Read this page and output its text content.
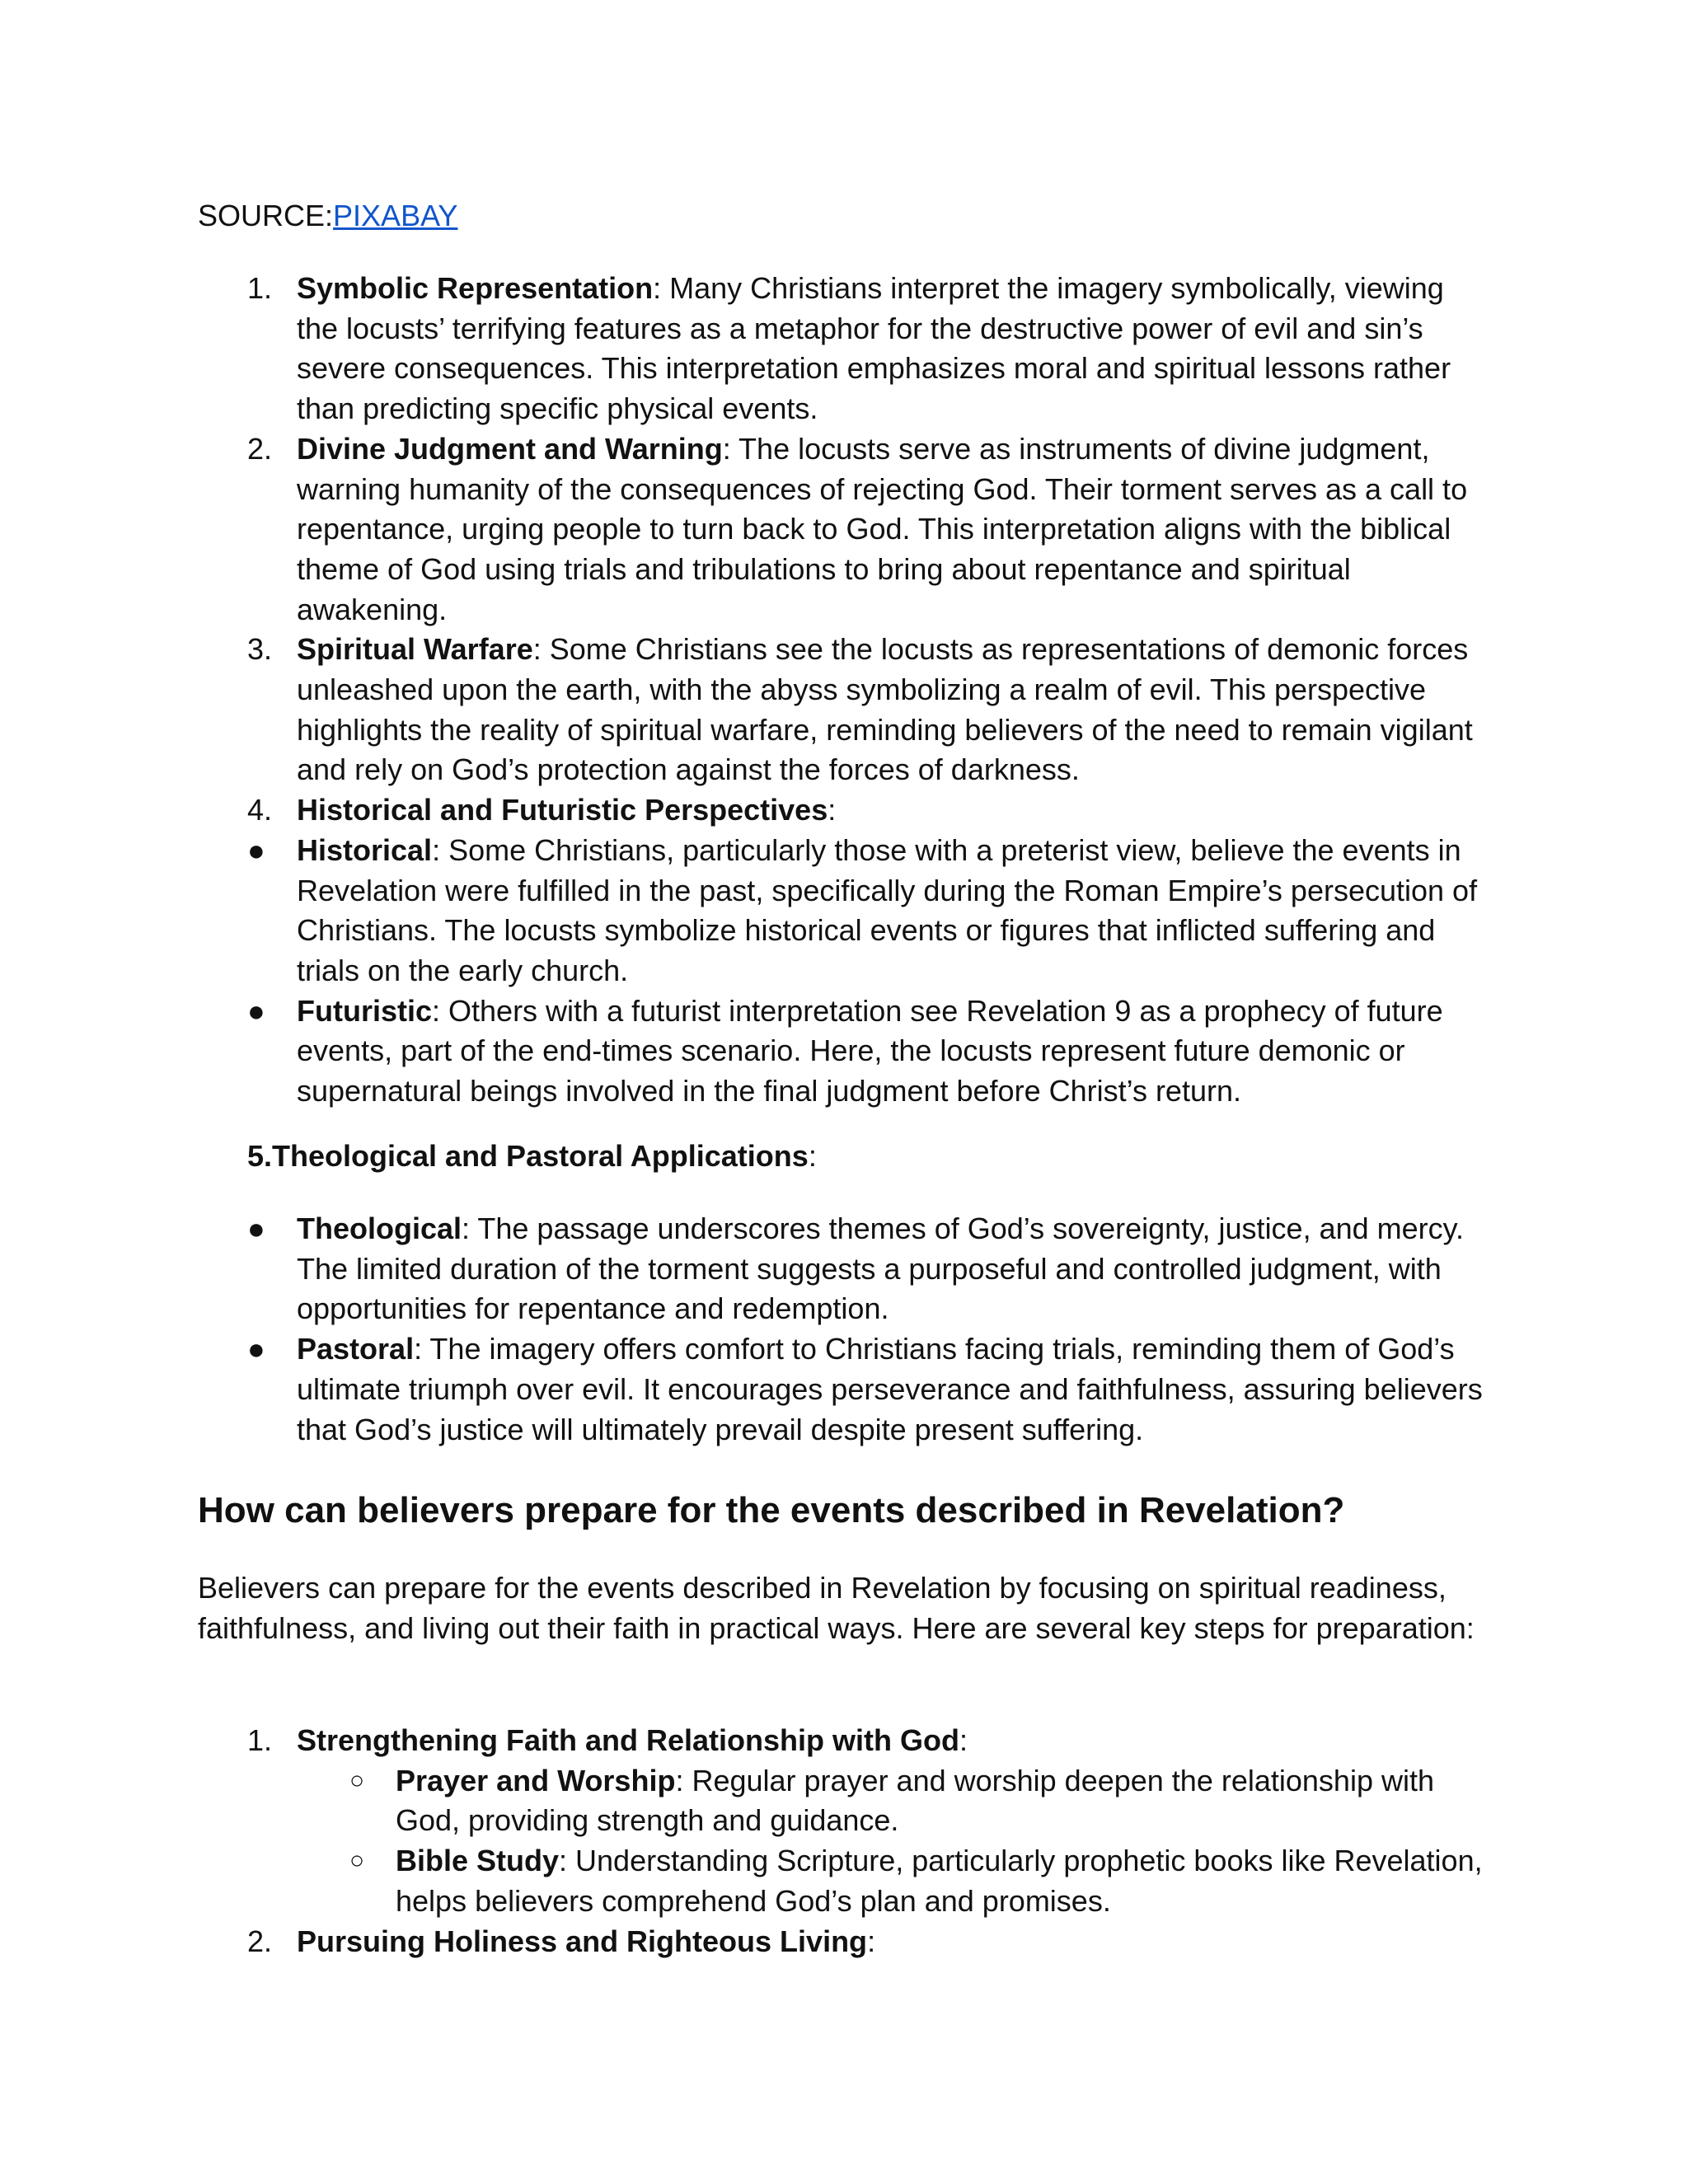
SOURCE:PIXABAY
1. Symbolic Representation: Many Christians interpret the imagery symbolically, viewing the locusts’ terrifying features as a metaphor for the destructive power of evil and sin’s severe consequences. This interpretation emphasizes moral and spiritual lessons rather than predicting specific physical events.
2. Divine Judgment and Warning: The locusts serve as instruments of divine judgment, warning humanity of the consequences of rejecting God. Their torment serves as a call to repentance, urging people to turn back to God. This interpretation aligns with the biblical theme of God using trials and tribulations to bring about repentance and spiritual awakening.
3. Spiritual Warfare: Some Christians see the locusts as representations of demonic forces unleashed upon the earth, with the abyss symbolizing a realm of evil. This perspective highlights the reality of spiritual warfare, reminding believers of the need to remain vigilant and rely on God’s protection against the forces of darkness.
4. Historical and Futuristic Perspectives:
● Historical: Some Christians, particularly those with a preterist view, believe the events in Revelation were fulfilled in the past, specifically during the Roman Empire’s persecution of Christians. The locusts symbolize historical events or figures that inflicted suffering and trials on the early church.
● Futuristic: Others with a futurist interpretation see Revelation 9 as a prophecy of future events, part of the end-times scenario. Here, the locusts represent future demonic or supernatural beings involved in the final judgment before Christ’s return.
5.Theological and Pastoral Applications:
● Theological: The passage underscores themes of God’s sovereignty, justice, and mercy. The limited duration of the torment suggests a purposeful and controlled judgment, with opportunities for repentance and redemption.
● Pastoral: The imagery offers comfort to Christians facing trials, reminding them of God’s ultimate triumph over evil. It encourages perseverance and faithfulness, assuring believers that God’s justice will ultimately prevail despite present suffering.
How can believers prepare for the events described in Revelation?

Believers can prepare for the events described in Revelation by focusing on spiritual readiness, faithfulness, and living out their faith in practical ways. Here are several key steps for preparation:

1. Strengthening Faith and Relationship with God:
○ Prayer and Worship: Regular prayer and worship deepen the relationship with God, providing strength and guidance.
○ Bible Study: Understanding Scripture, particularly prophetic books like Revelation, helps believers comprehend God’s plan and promises.
2. Pursuing Holiness and Righteous Living:
